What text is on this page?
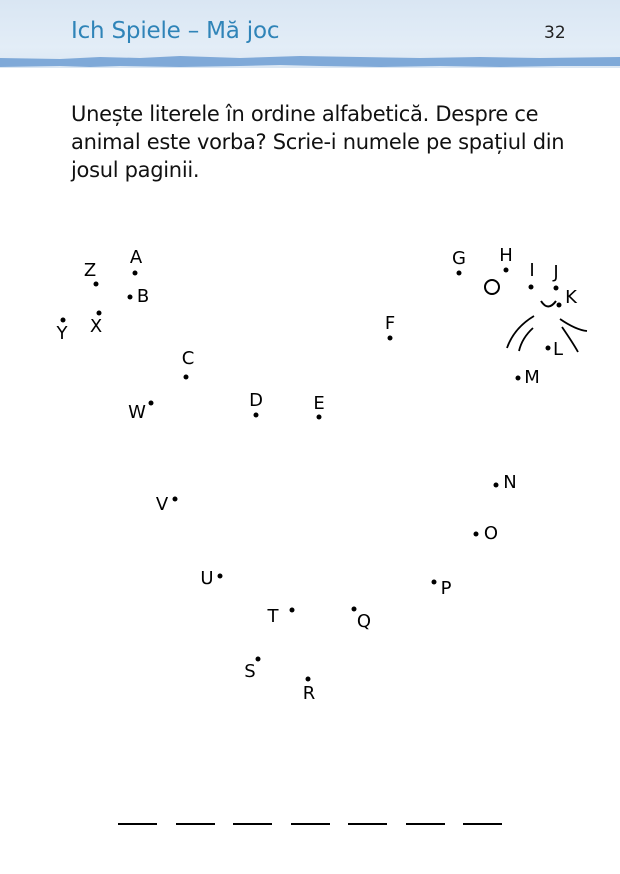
Ich Spiele – Mă joc	32
Unește literele în ordine alfabetică. Despre ce animal este vorba? Scrie-i numele pe spațiul din josul paginii.
A
B
C
D	E
F
G H
I J
K
L
M
N
O
P
Q
R
S
T
U
V
W
X
Y
Z
